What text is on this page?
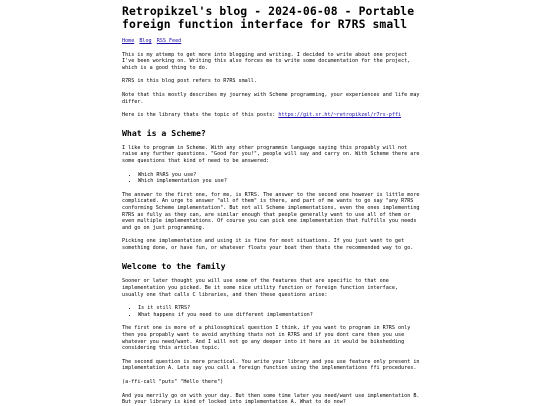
Retropikzel's blog - 2024-06-08 - Portable foreign function interface for R7RS small
Home Blog RSS Feed

This is my attemp to get more into blogging and writing. I decided to write about one project I've been working on. Writing this also forces me to write some documentation for the project, which is a good thing to do.

R7RS in this blog post refers to R7RS small.

Note that this mostly describes my journey with Scheme programming, your experiences and life may differ.

Here is the library thats the topic of this posts: https://git.sr.ht/~retropikzel/r7rs-pffi

What is a Scheme?

I like to program in Scheme. With any other programmin language saying this propably will not raise any further questions. "Good for you!", people will say and carry on. With Scheme there are some questions that kind of need to be answered:

• Which R%RS you use?
• Which implementation you use?

The answer to the first one, for me, is R7RS. The answer to the second one however is little more complicated. An urge to answer "all of them" is there, and part of me wants to go say "any R7RS conforming Scheme implementation". But not all Scheme implementations, even the ones implementing R7RS as fully as they can, are similar enough that people generally want to use all of them or even multiple implementations. Of course you can pick one implementation that fulfills you needs and go on just programming.

Picking one implementation and using it is fine for most situations. If you just want to get something done, or have fun, or whatever floats your boat then thats the recommended way to go.

Welcome to the family

Sooner or later thought you will use some of the features that are specific to that one implementation you picked. Be it some nice utility function or foreign function interface, usually one that calls C libraries, and then these questions arise:

• Is it still R7RS?
• What happens if you need to use different implementation?

The first one is more of a philosophical question I think, if you want to program in R7RS only then you propably want to avoid anything thats not in R7RS and if you dont care then you use whatever you need/want. And I will not go any deeper into it here as it would be bikshedding considering this articles topic.

The second question is more practical. You write your library and you use feature only present in implementation A. Lets say you call a foreign function using the implementations ffi procedures.

(a-ffi-call "puts" "Hello there")

And you merrily go on with your day. But then some time later you need/want use implementation B. But your library is kind of locked into implementation A. What to do now?
